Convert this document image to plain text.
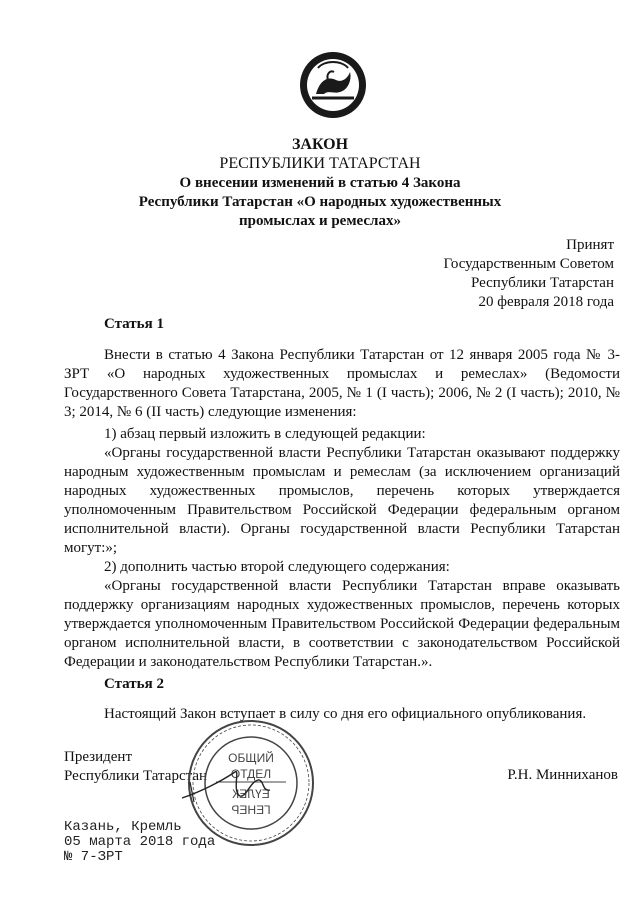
ЗАКОН
РЕСПУБЛИКИ ТАТАРСТАН
О внесении изменений в статью 4 Закона
Республики Татарстан «О народных художественных
промыслах и ремеслах»
Принят
Государственным Советом
Республики Татарстан
20 февраля 2018 года
Статья 1
Внести в статью 4 Закона Республики Татарстан от 12 января 2005 года № 3-ЗРТ «О народных художественных промыслах и ремеслах» (Ведомости Государственного Совета Татарстана, 2005, № 1 (I часть); 2006, № 2 (I часть); 2010, № 3; 2014, № 6 (II часть) следующие изменения:
1) абзац первый изложить в следующей редакции:
«Органы государственной власти Республики Татарстан оказывают поддержку народным художественным промыслам и ремеслам (за исключением организаций народных художественных промыслов, перечень которых утверждается уполномоченным Правительством Российской Федерации федеральным органом исполнительной власти). Органы государственной власти Республики Татарстан могут:»;
2) дополнить частью второй следующего содержания:
«Органы государственной власти Республики Татарстан вправе оказывать поддержку организациям народных художественных промыслов, перечень которых утверждается уполномоченным Правительством Российской Федерации федеральным органом исполнительной власти, в соответствии с законодательством Российской Федерации и законодательством Республики Татарстан.».
Статья 2
Настоящий Закон вступает в силу со дня его официального опубликования.
Президент
Республики Татарстан	Р.Н. Минниханов
ОБЩИЙ
ОТДЕЛ
ЕҮЛЕК
ГЕНЕР
Казань, Кремль
05 марта 2018 года
№ 7-ЗРТ
